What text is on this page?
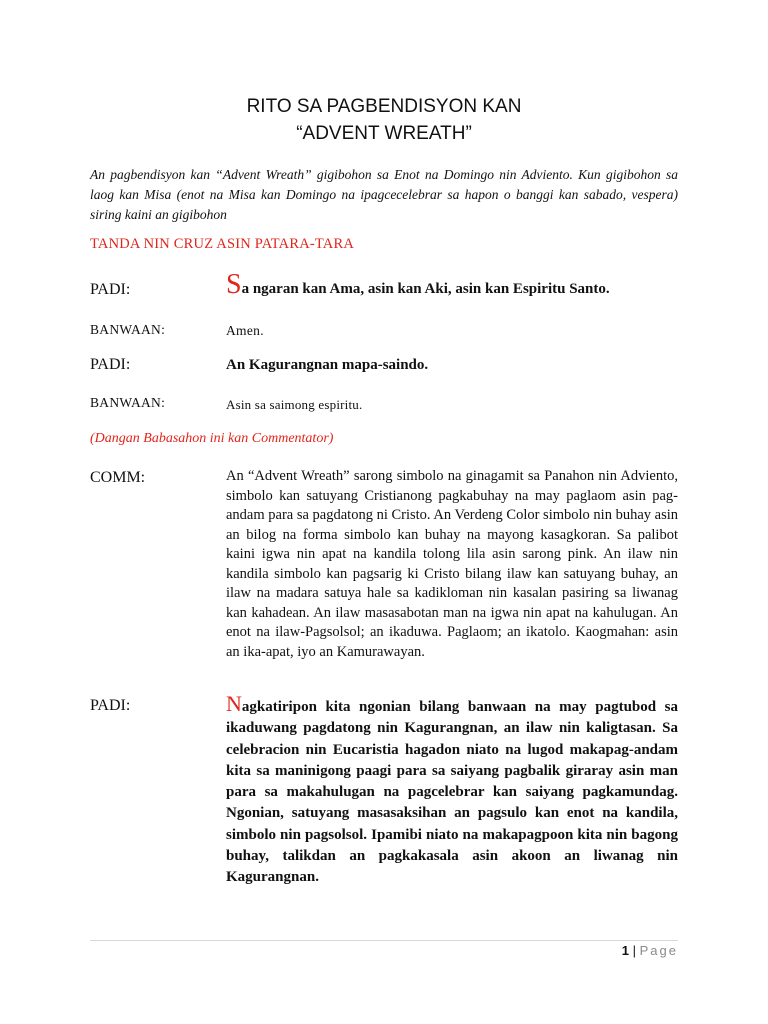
RITO SA PAGBENDISYON KAN
“ADVENT WREATH”
An pagbendisyon kan “Advent Wreath” gigibohon sa Enot na Domingo nin Adviento. Kun gigibohon sa laog kan Misa (enot na Misa kan Domingo na ipagcecelebrar sa hapon o banggi kan sabado, vespera) siring kaini an gigibohon
TANDA NIN CRUZ ASIN PATARA-TARA
PADI:	Sa ngaran kan Ama, asin kan Aki, asin kan Espiritu Santo.
BANWAAN:	Amen.
PADI:	An Kagurangnan mapa-saindo.
BANWAAN:	Asin sa saimong espiritu.
(Dangan Babasahon ini kan Commentator)
COMM:	An “Advent Wreath” sarong simbolo na ginagamit sa Panahon nin Adviento, simbolo kan satuyang Cristianong pagkabuhay na may paglaom asin pag-andam para sa pagdatong ni Cristo. An Verdeng Color simbolo nin buhay asin an bilog na forma simbolo kan buhay na mayong kasagkoran. Sa palibot kaini igwa nin apat na kandila tolong lila asin sarong pink. An ilaw nin kandila simbolo kan pagsarig ki Cristo bilang ilaw kan satuyang buhay, an ilaw na madara satuya hale sa kadikloman nin kasalan pasiring sa liwanag kan kahadean. An ilaw masasabotan man na igwa nin apat na kahulugan. An enot na ilaw-Pagsolsol; an ikaduwa. Paglaom; an ikatolo. Kaogmahan: asin an ika-apat, iyo an Kamurawayan.
PADI:	Nagkatiripon kita ngonian bilang banwaan na may pagtubod sa ikaduwang pagdatong nin Kagurangnan, an ilaw nin kaligtasan. Sa celebracion nin Eucaristia hagadon niato na lugod makapag-andam kita sa maninigong paagi para sa saiyang pagbalik giraray asin man para sa makahulugan na pagcelebrar kan saiyang pagkamundag. Ngonian, satuyang masasaksihan an pagsulo kan enot na kandila, simbolo nin pagsolsol. Ipamibi niato na makapagpoon kita nin bagong buhay, talikdan an pagkakasala asin akoon an liwanag nin Kagurangnan.
1 | Page
